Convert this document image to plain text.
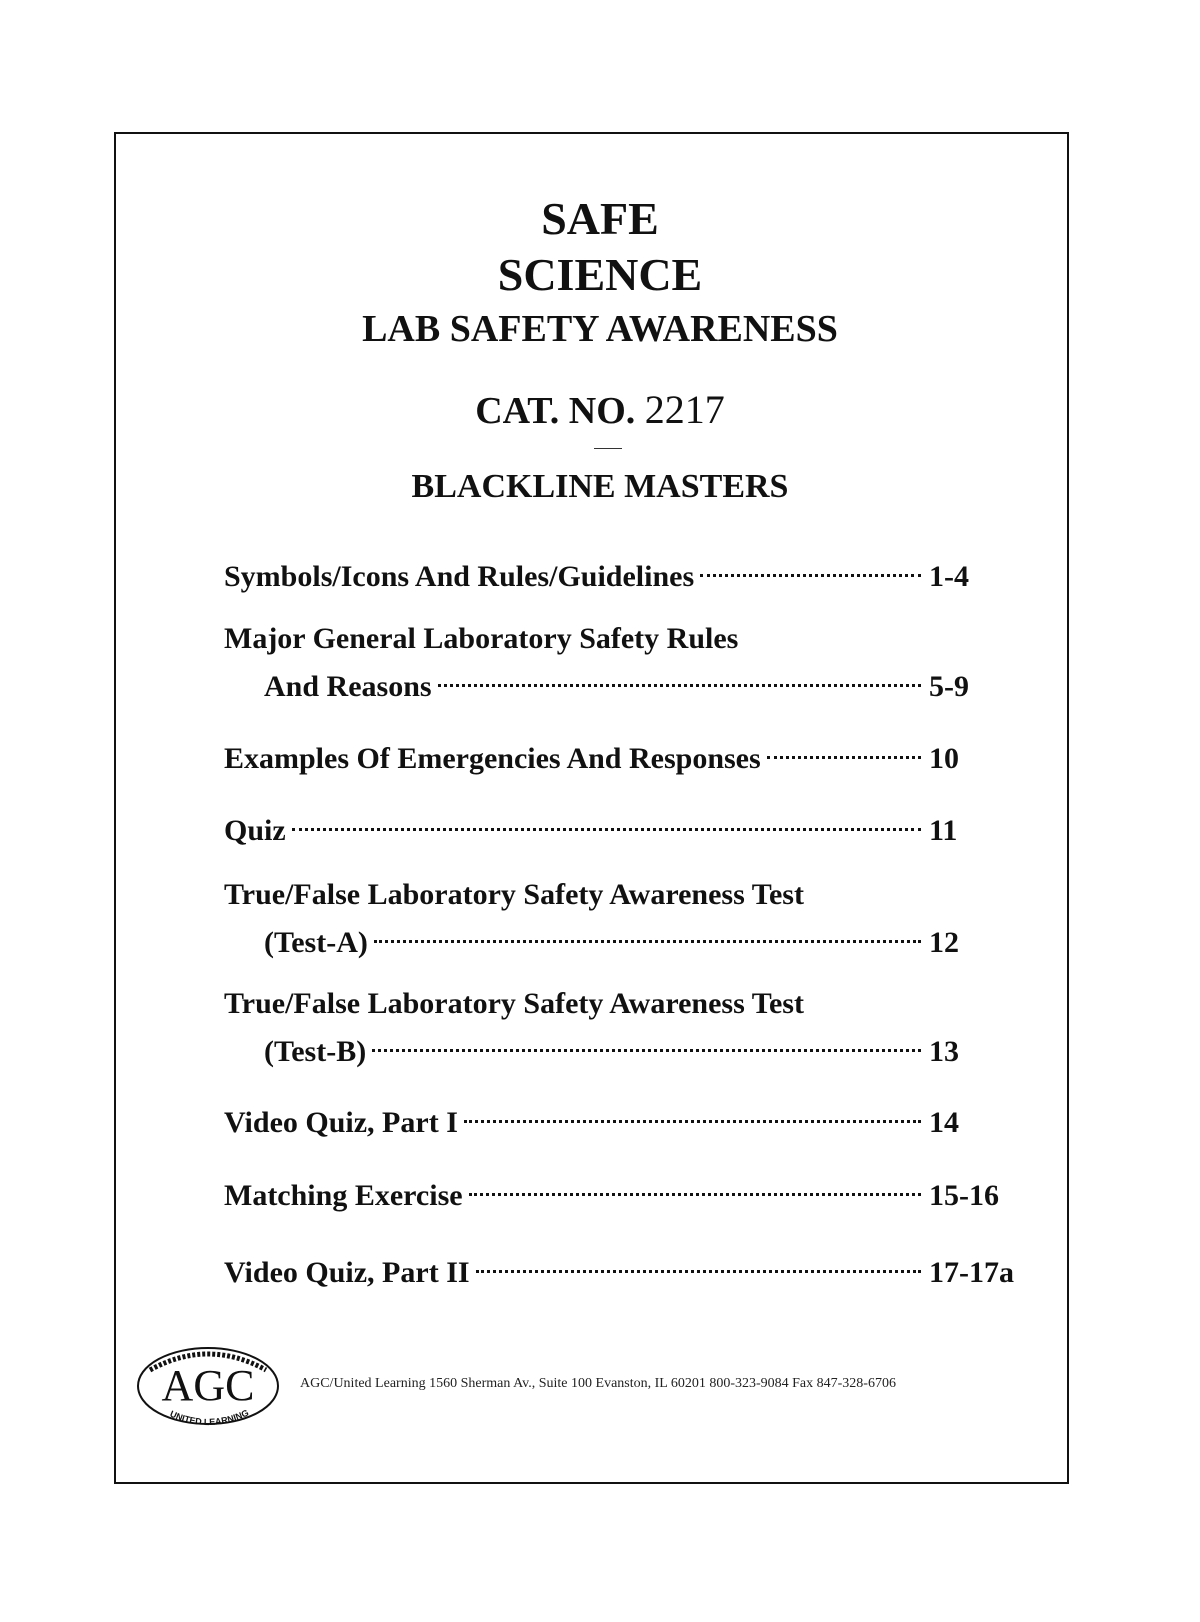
SAFE
SCIENCE
LAB SAFETY AWARENESS
CAT. NO. 2217
BLACKLINE MASTERS
Symbols/Icons And Rules/Guidelines	1-4
Major General Laboratory Safety Rules
And Reasons	5-9
Examples Of Emergencies And Responses	10
Quiz	11
True/False Laboratory Safety Awareness Test
(Test-A)	12
True/False Laboratory Safety Awareness Test
(Test-B)	13
Video Quiz, Part I	14
Matching Exercise	15-16
Video Quiz, Part II	17-17a
AGC
UNITED LEARNING
AGC/United Learning 1560 Sherman Av., Suite 100 Evanston, IL 60201 800-323-9084 Fax 847-328-6706
